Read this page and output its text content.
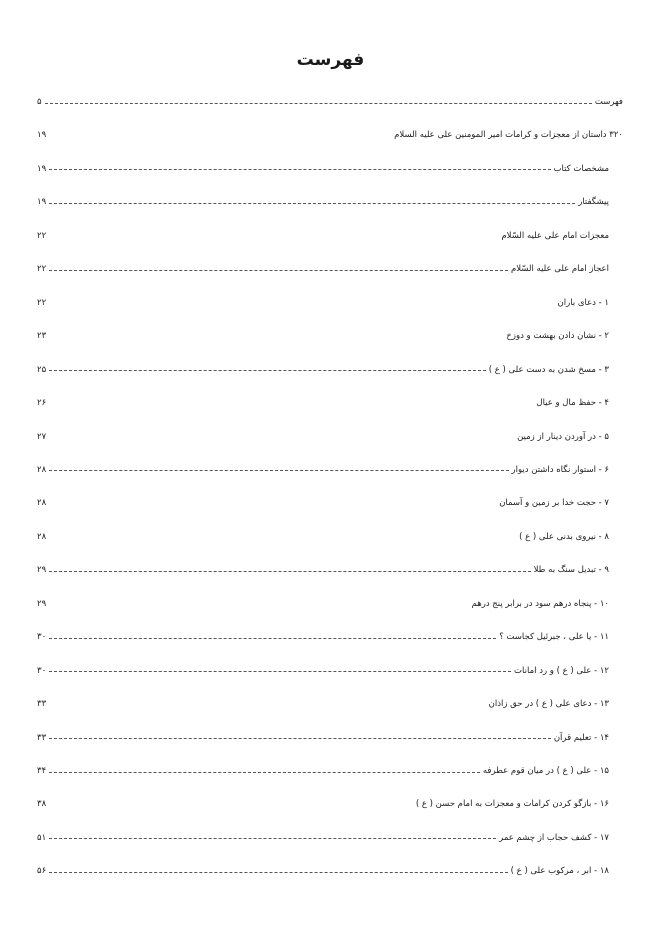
فهرست
فهرست
۵
۳۲۰ داستان از معجزات و کرامات امیر المومنین علی علیه السلام
۱۹
مشخصات کتاب
۱۹
پیشگفتار
۱۹
معجزات امام علی علیه السّلام
۲۲
اعجاز امام علی علیه السّلام
۲۲
۱ - دعای باران
۲۲
۲ - نشان دادن بهشت و دوزخ
۲۳
۳ - مسخ شدن به دست علی ( ع )
۲۵
۴ - حفظ مال و عیال
۲۶
۵ - در آوردن دینار از زمین
۲۷
۶ - استوار نگاه داشتن دیوار
۲۸
۷ - حجت خدا بر زمین و آسمان
۲۸
۸ - نیروی بدنی علی ( ع )
۲۸
۹ - تبدیل سنگ به طلا
۲۹
۱۰ - پنجاه درهم سود در برابر پنج درهم
۲۹
۱۱ - یا علی ، جبرئیل کجاست ؟
۳۰
۱۲ - علی ( ع ) و رد امانات
۳۰
۱۳ - دعای علی ( ع ) در حق زاذان
۳۳
۱۴ - تعلیم قرآن
۳۳
۱۵ - علی ( ع ) در میان قوم عطرفه
۳۴
۱۶ - بازگو کردن کرامات و معجزات به امام حسن ( ع )
۳۸
۱۷ - کشف حجاب از چشم عمر
۵۱
۱۸ - ابر ، مرکوب علی ( ع )
۵۶
